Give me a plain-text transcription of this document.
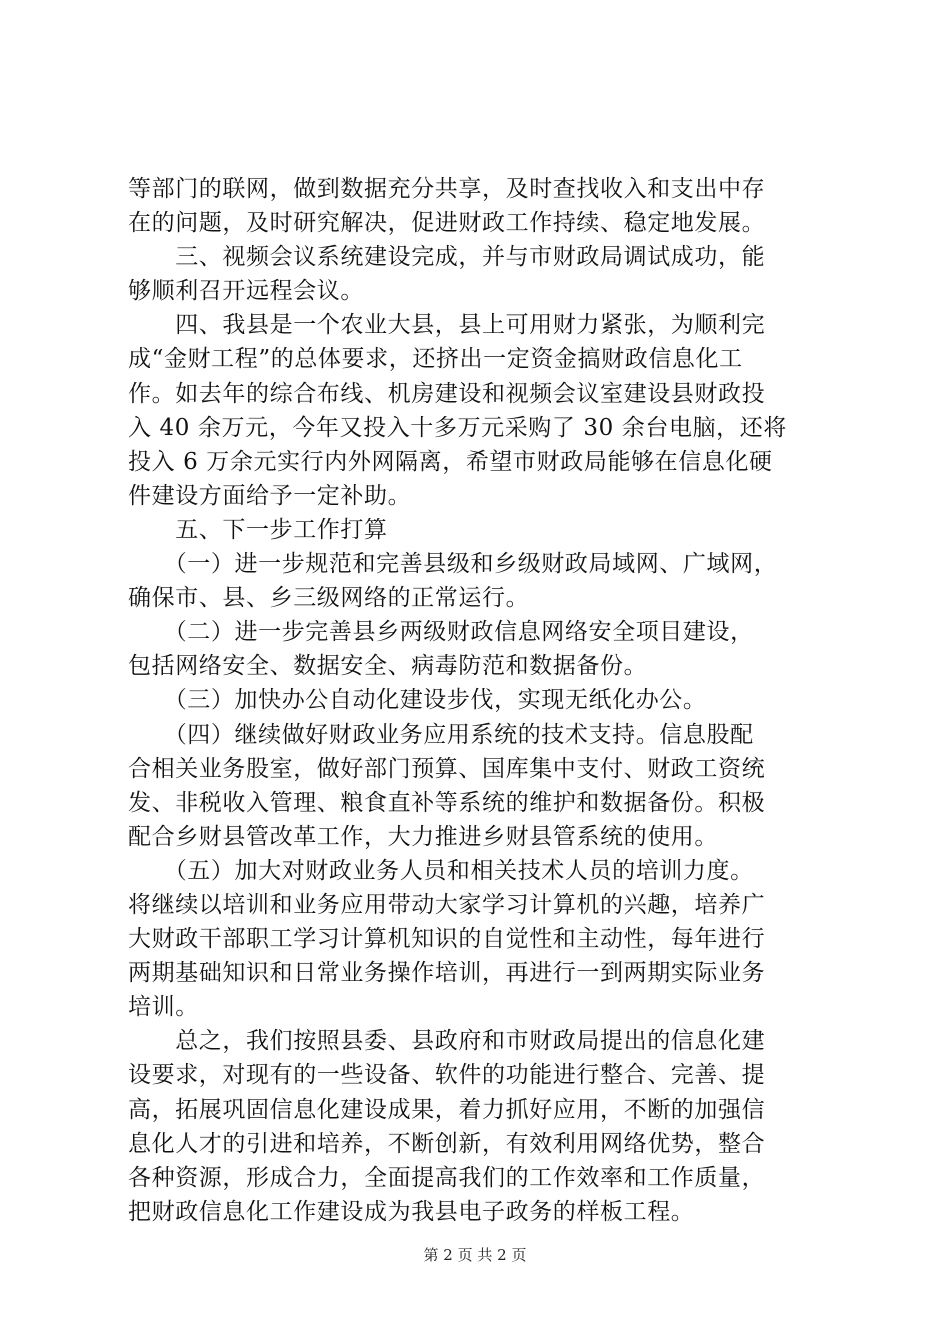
等部门的联网，做到数据充分共享，及时查找收入和支出中存
在的问题，及时研究解决，促进财政工作持续、稳定地发展。
　　三、视频会议系统建设完成，并与市财政局调试成功，能
够顺利召开远程会议。
　　四、我县是一个农业大县，县上可用财力紧张，为顺利完
成“金财工程”的总体要求，还挤出一定资金搞财政信息化工
作。如去年的综合布线、机房建设和视频会议室建设县财政投
入 40 余万元，今年又投入十多万元采购了 30 余台电脑，还将
投入 6 万余元实行内外网隔离，希望市财政局能够在信息化硬
件建设方面给予一定补助。
　　五、下一步工作打算
　　（一）进一步规范和完善县级和乡级财政局域网、广域网，
确保市、县、乡三级网络的正常运行。
　　（二）进一步完善县乡两级财政信息网络安全项目建设，
包括网络安全、数据安全、病毒防范和数据备份。
　　（三）加快办公自动化建设步伐，实现无纸化办公。
　　（四）继续做好财政业务应用系统的技术支持。信息股配
合相关业务股室，做好部门预算、国库集中支付、财政工资统
发、非税收入管理、粮食直补等系统的维护和数据备份。积极
配合乡财县管改革工作，大力推进乡财县管系统的使用。
　　（五）加大对财政业务人员和相关技术人员的培训力度。
将继续以培训和业务应用带动大家学习计算机的兴趣，培养广
大财政干部职工学习计算机知识的自觉性和主动性，每年进行
两期基础知识和日常业务操作培训，再进行一到两期实际业务
培训。
　　总之，我们按照县委、县政府和市财政局提出的信息化建
设要求，对现有的一些设备、软件的功能进行整合、完善、提
高，拓展巩固信息化建设成果，着力抓好应用，不断的加强信
息化人才的引进和培养，不断创新，有效利用网络优势，整合
各种资源，形成合力，全面提高我们的工作效率和工作质量，
把财政信息化工作建设成为我县电子政务的样板工程。
第 2 页 共 2 页
